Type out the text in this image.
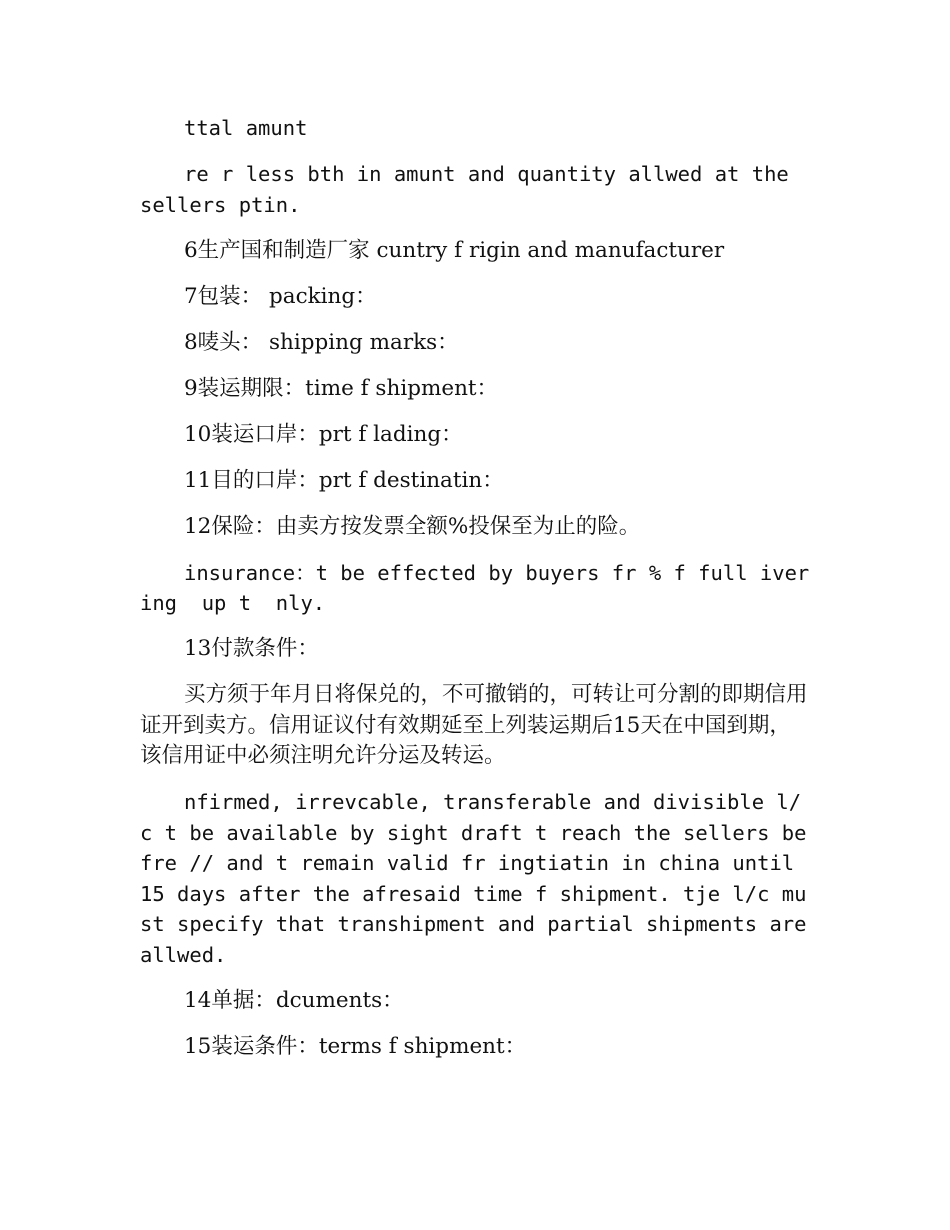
ttal amunt

re r less bth in amunt and quantity allwed at the sellers ptin.

6生产国和制造厂家 cuntry f rigin and manufacturer

7包装： packing：

8唛头： shipping marks：

9装运期限：time f shipment：

10装运口岸：prt f lading：

11目的口岸：prt f destinatin：

12保险：由卖方按发票全额%投保至为止的险。

insurance：t be effected by buyers fr % f full ivering  up t  nly.

13付款条件：

买方须于年月日将保兑的，不可撤销的，可转让可分割的即期信用证开到卖方。信用证议付有效期延至上列装运期后15天在中国到期，该信用证中必须注明允许分运及转运。

nfirmed, irrevcable, transferable and divisible l/c t be available by sight draft t reach the sellers befre // and t remain valid fr ingtiatin in china until 15 days after the afresaid time f shipment. tje l/c must specify that transhipment and partial shipments are allwed.

14单据：dcuments：

15装运条件：terms f shipment：
